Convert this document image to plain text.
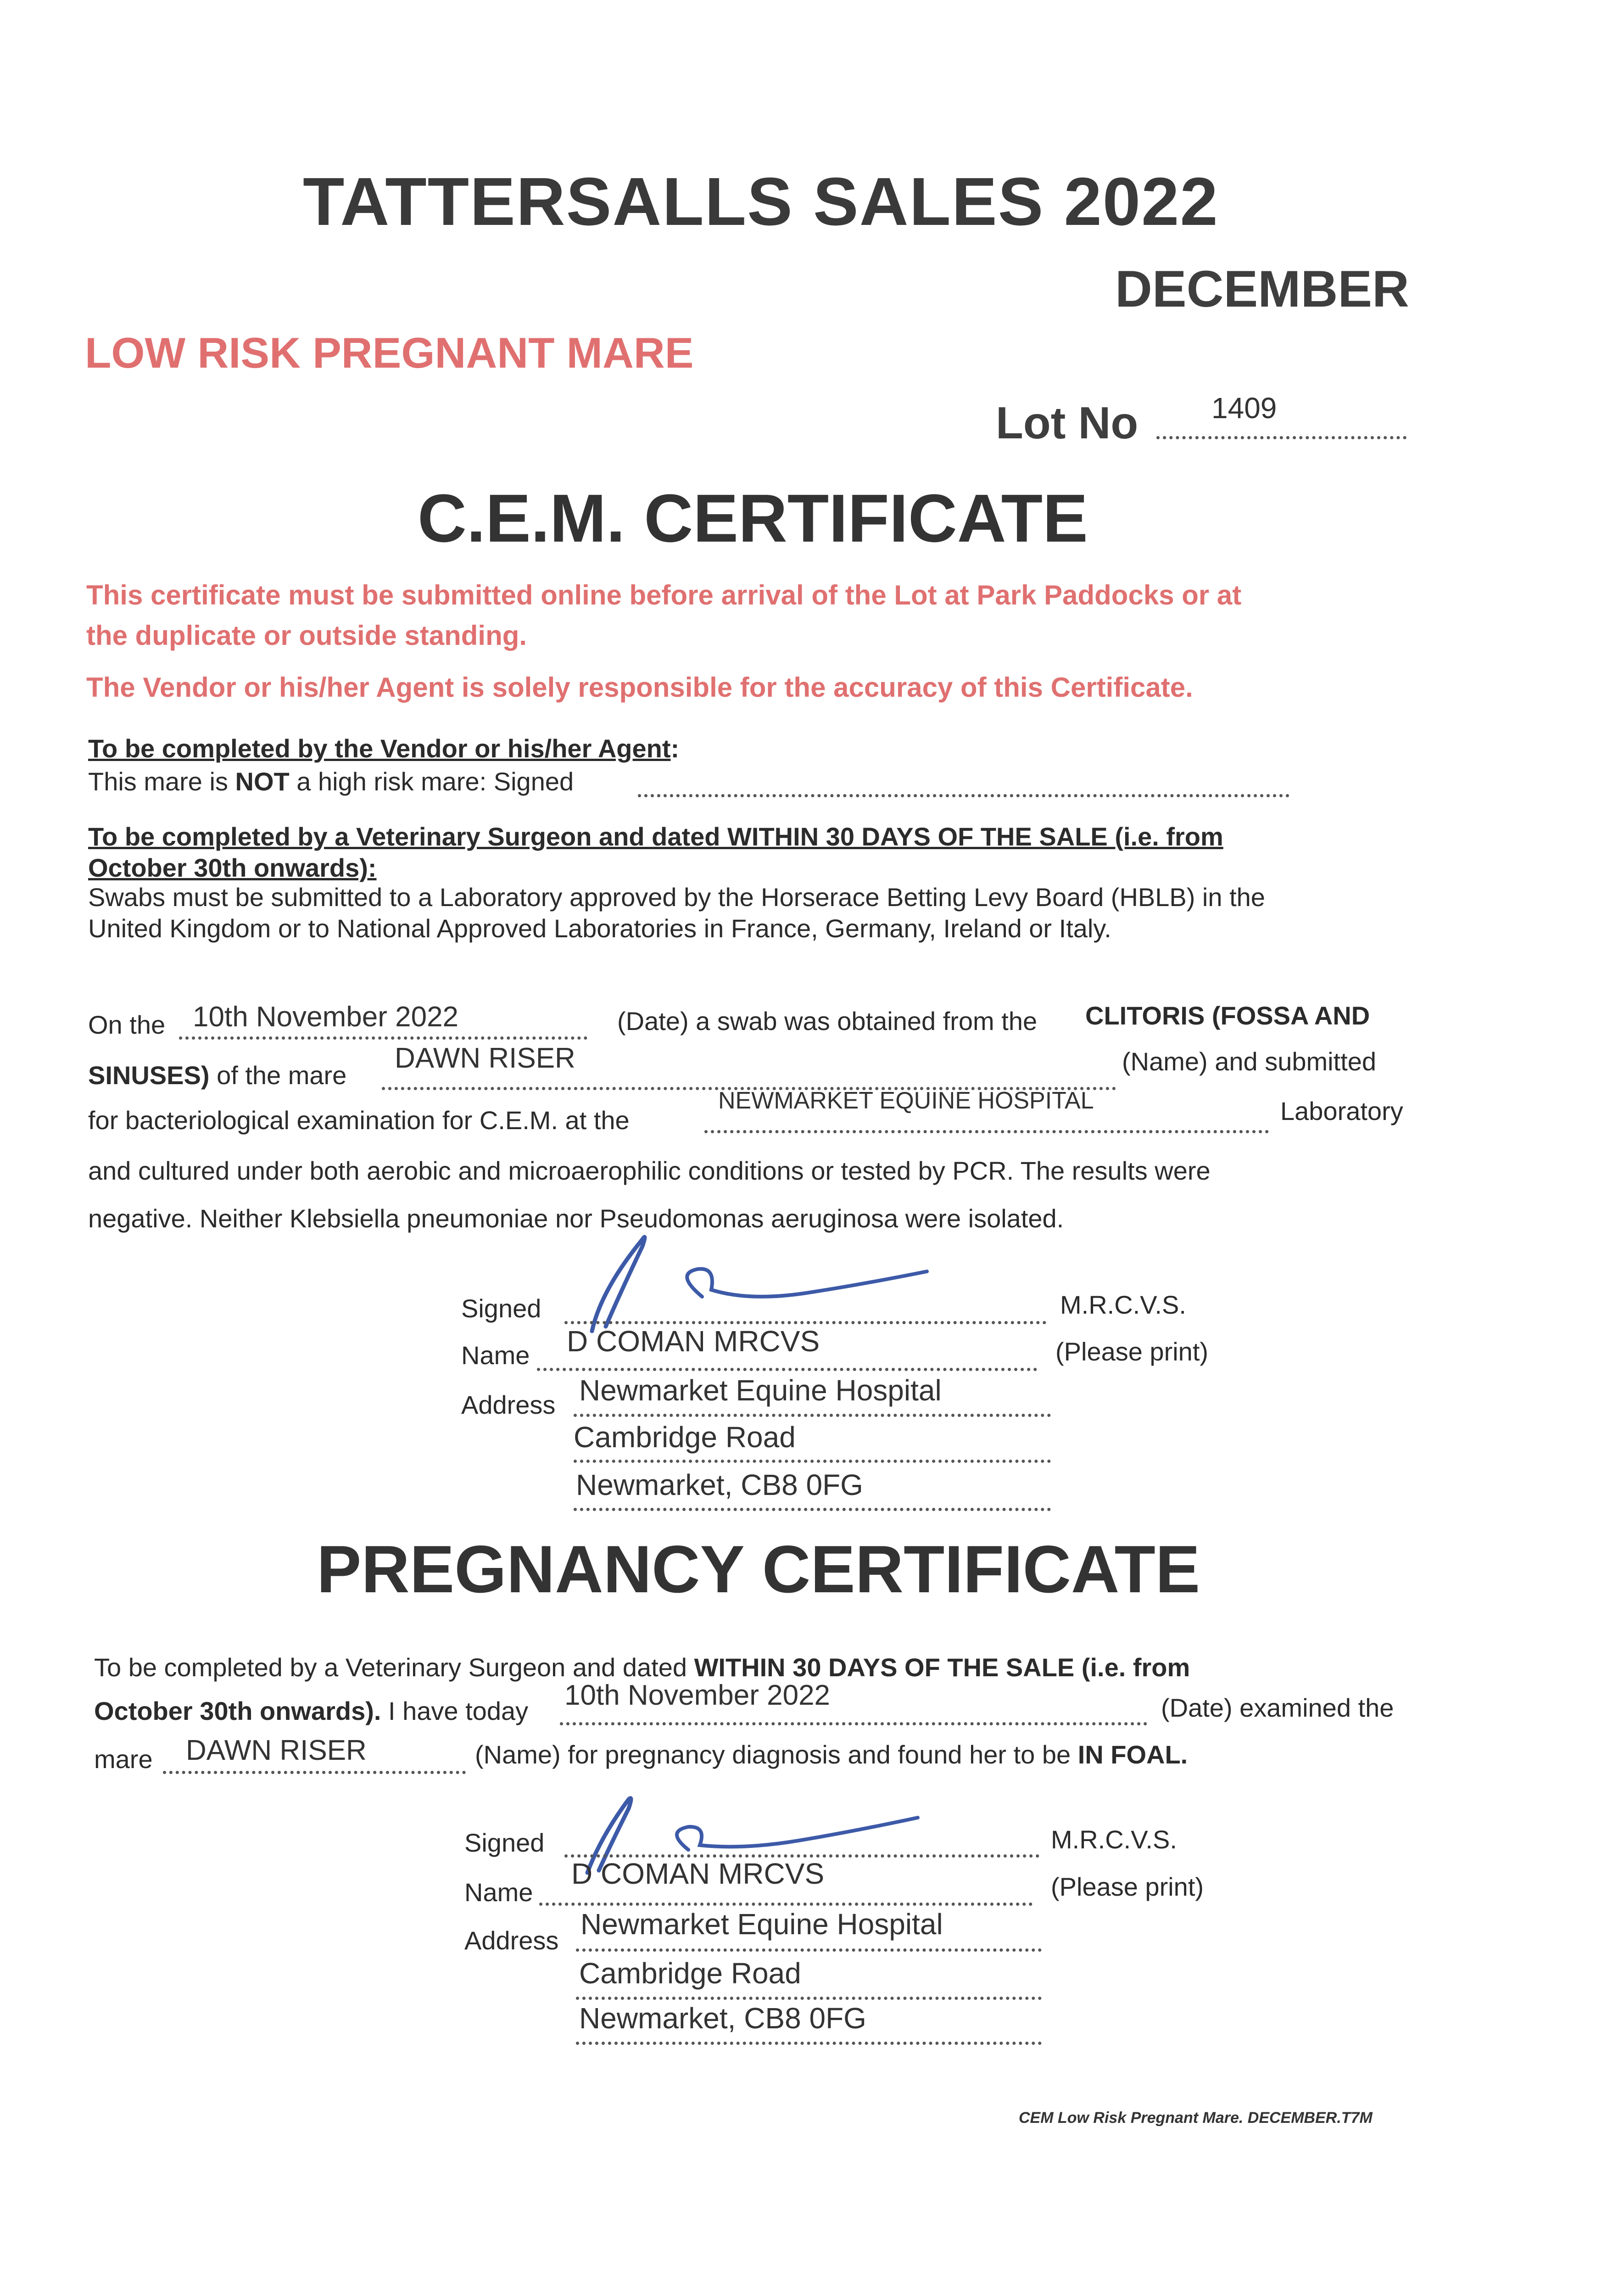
TATTERSALLS SALES 2022
DECEMBER
LOW RISK PREGNANT MARE
Lot No 1409
C.E.M. CERTIFICATE
This certificate must be submitted online before arrival of the Lot at Park Paddocks or at
the duplicate or outside standing.
The Vendor or his/her Agent is solely responsible for the accuracy of this Certificate.
To be completed by the Vendor or his/her Agent:
This mare is NOT a high risk mare: Signed
To be completed by a Veterinary Surgeon and dated WITHIN 30 DAYS OF THE SALE (i.e. from
October 30th onwards):
Swabs must be submitted to a Laboratory approved by the Horserace Betting Levy Board (HBLB) in the
United Kingdom or to National Approved Laboratories in France, Germany, Ireland or Italy.
On the 10th November 2022	(Date) a swab was obtained from the CLITORIS (FOSSA AND
SINUSES) of the mare
DAWN RISER	(Name) and submitted
for bacteriological examination for C.E.M. at the
NEWMARKET EQUINE HOSPITAL	Laboratory
and cultured under both aerobic and microaerophilic conditions or tested by PCR. The results were
negative. Neither Klebsiella pneumoniae nor Pseudomonas aeruginosa were isolated.
Signed	M.R.C.V.S.
Name D COMAN MRCVS	(Please print)
Address Newmarket Equine Hospital
Cambridge Road
Newmarket, CB8 0FG
PREGNANCY CERTIFICATE
To be completed by a Veterinary Surgeon and dated WITHIN 30 DAYS OF THE SALE (i.e. from
October 30th onwards). I have today 10th November 2022	(Date) examined the
mare DAWN RISER	(Name) for pregnancy diagnosis and found her to be IN FOAL.
Signed	M.R.C.V.S.
Name
D COMAN MRCVS	(Please print)
Address Newmarket Equine Hospital
Cambridge Road
Newmarket, CB8 0FG
CEM Low Risk Pregnant Mare. DECEMBER.T7M
